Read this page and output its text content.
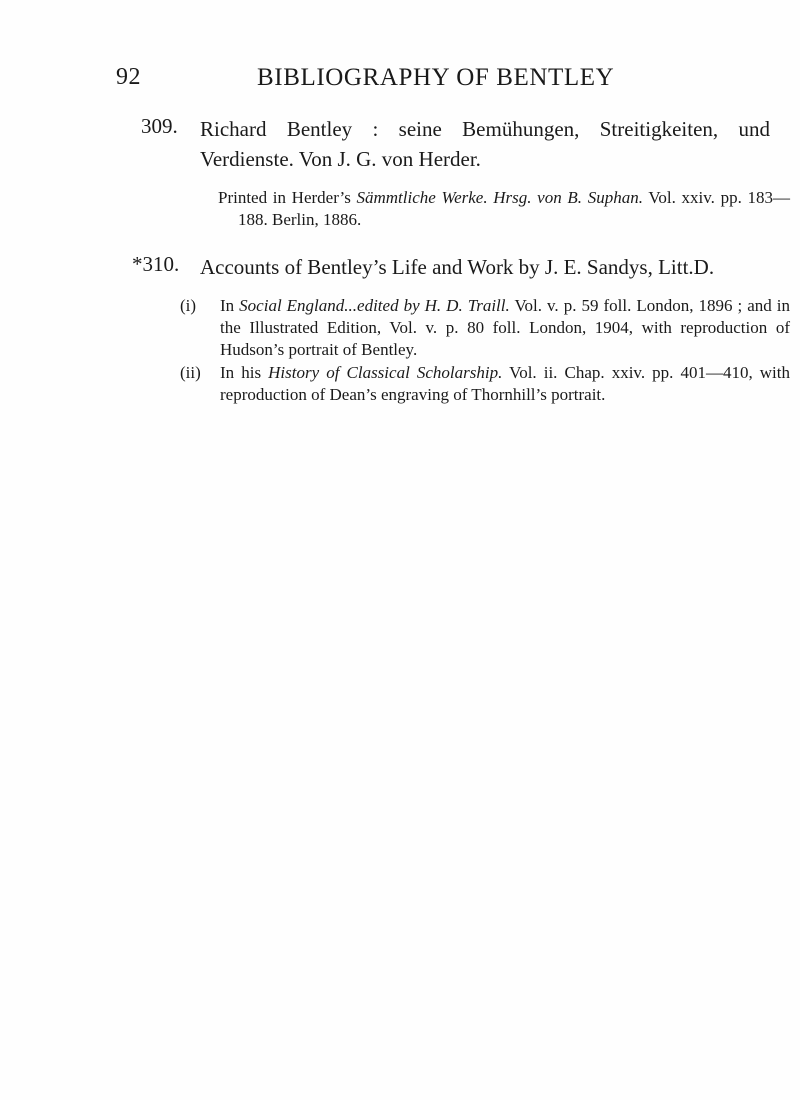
92	BIBLIOGRAPHY OF BENTLEY
309. Richard Bentley : seine Bemühungen, Streitigkeiten, und Verdienste. Von J. G. von Herder.
Printed in Herder’s Sämmtliche Werke. Hrsg. von B. Suphan. Vol. xxiv. pp. 183—188. Berlin, 1886.
*310. Accounts of Bentley’s Life and Work by J. E. Sandys, Litt.D.
(i) In Social England...edited by H. D. Traill. Vol. v. p. 59 foll. London, 1896 ; and in the Illustrated Edition, Vol. v. p. 80 foll. London, 1904, with reproduction of Hudson’s portrait of Bentley.
(ii) In his History of Classical Scholarship. Vol. ii. Chap. xxiv. pp. 401—410, with reproduction of Dean’s engraving of Thornhill’s portrait.
